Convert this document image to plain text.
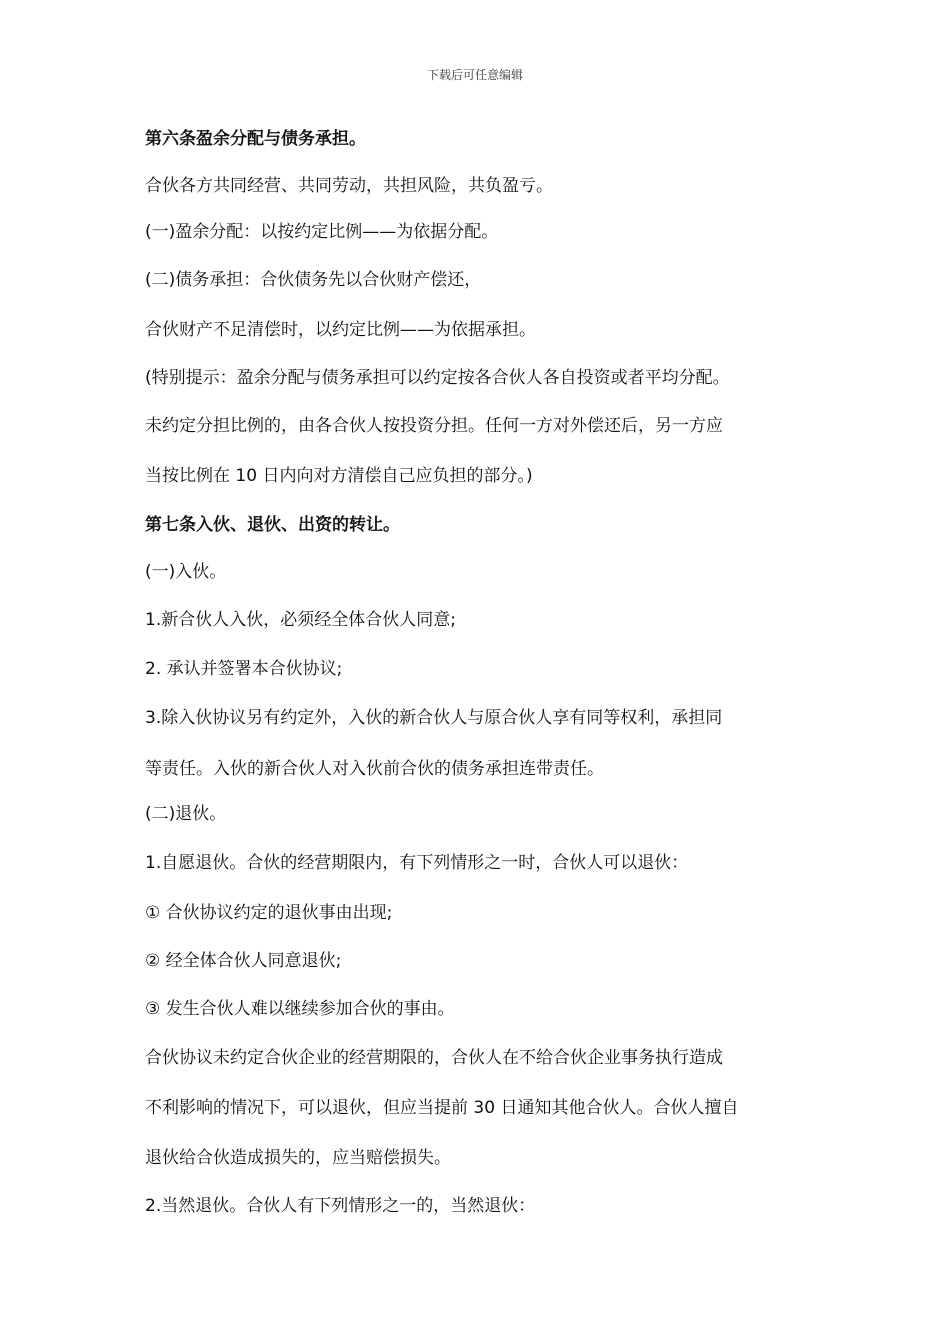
下载后可任意编辑
第六条盈余分配与债务承担。
合伙各方共同经营、共同劳动，共担风险，共负盈亏。
(一)盈余分配：以按约定比例——为依据分配。
(二)债务承担：合伙债务先以合伙财产偿还，
合伙财产不足清偿时，以约定比例——为依据承担。
(特别提示：盈余分配与债务承担可以约定按各合伙人各自投资或者平均分配。
未约定分担比例的，由各合伙人按投资分担。任何一方对外偿还后，另一方应
当按比例在 10 日内向对方清偿自己应负担的部分。)
第七条入伙、退伙、出资的转让。
(一)入伙。
1.新合伙人入伙，必须经全体合伙人同意;
2. 承认并签署本合伙协议;
3.除入伙协议另有约定外，入伙的新合伙人与原合伙人享有同等权利，承担同
等责任。入伙的新合伙人对入伙前合伙的债务承担连带责任。
(二)退伙。
1.自愿退伙。合伙的经营期限内，有下列情形之一时，合伙人可以退伙：
① 合伙协议约定的退伙事由出现;
② 经全体合伙人同意退伙;
③ 发生合伙人难以继续参加合伙的事由。
合伙协议未约定合伙企业的经营期限的，合伙人在不给合伙企业事务执行造成
不利影响的情况下，可以退伙，但应当提前 30 日通知其他合伙人。合伙人擅自
退伙给合伙造成损失的，应当赔偿损失。
2.当然退伙。合伙人有下列情形之一的，当然退伙：
